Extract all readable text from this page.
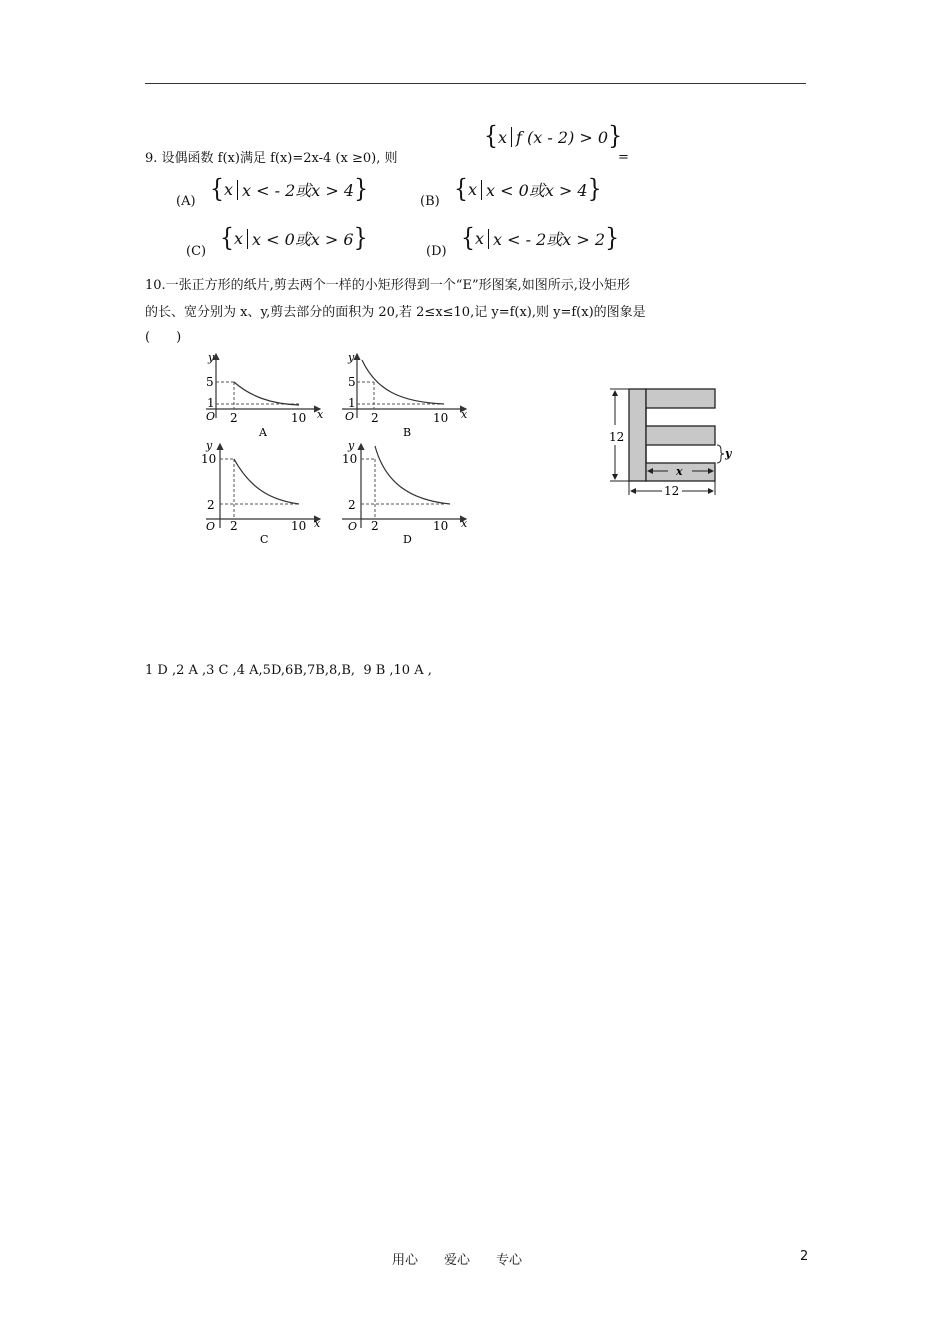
9. 设偶函数 f(x)满足 f(x)=2x-4 (x ≥0), 则
{ x f (x - 2) > 0 }
=
(A) { x x < - 2或x > 4 }	(B) { x x < 0或x > 4 }
(C) { x x < 0或x > 6 }	(D) { x x < - 2或x > 2 }
10.一张正方形的纸片,剪去两个一样的小矩形得到一个“E”形图案,如图所示,设小矩形
的长、宽分别为 x、y,剪去部分的面积为 20,若 2≤x≤10,记 y=f(x),则 y=f(x)的图象是
(　　)
y
x
O
5
1
2	10
A
y
x
O
5
1
2	10
B
y
x
O
10
2
2	10
C
y
x
O
10
2
2	10
D
12
x
y
12
1 D ,2 A ,3 C ,4 A,5D,6B,7B,8,B,  9 B ,10 A ,
用心　　爱心　　专心	2
